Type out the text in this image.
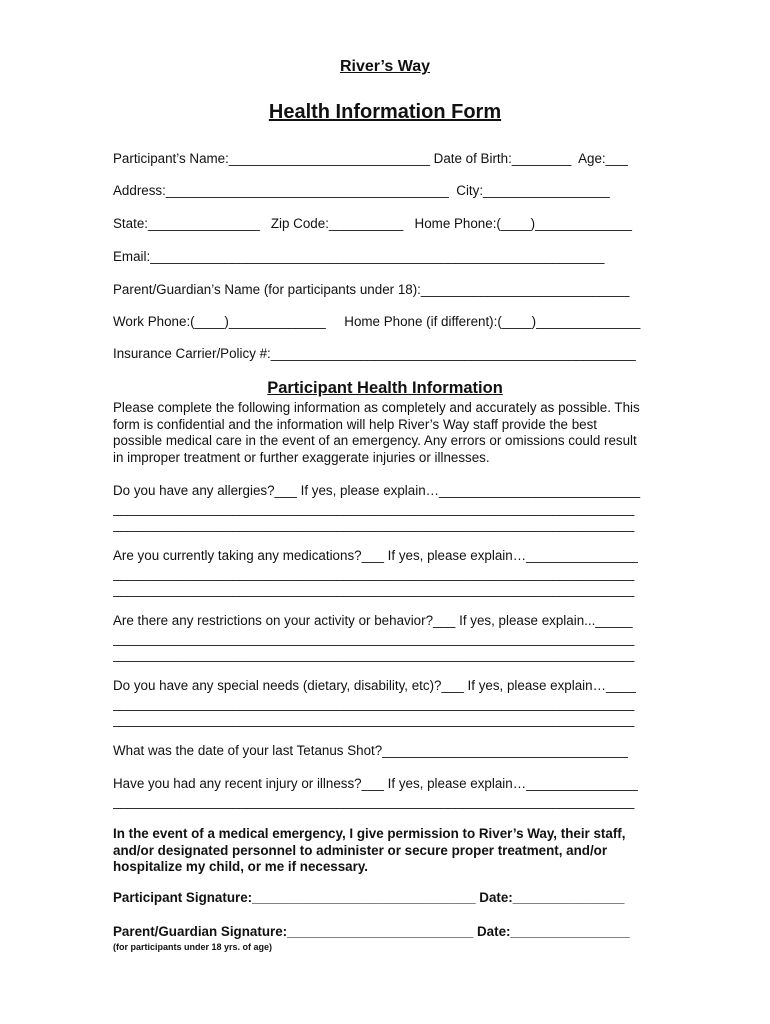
River’s Way
Health Information Form
Participant’s Name:___________________________ Date of Birth:________  Age:___
Address:______________________________________  City:_________________
State:_______________   Zip Code:__________   Home Phone:(____)_____________
Email:_____________________________________________________________
Parent/Guardian’s Name (for participants under 18):____________________________
Work Phone:(____)_____________     Home Phone (if different):(____)______________
Insurance Carrier/Policy #:_________________________________________________
Participant Health Information
Please complete the following information as completely and accurately as possible. This form is confidential and the information will help River’s Way staff provide the best possible medical care in the event of an emergency. Any errors or omissions could result in improper treatment or further exaggerate injuries or illnesses.
Do you have any allergies?___ If yes, please explain…___________________________
______________________________________________________________________
______________________________________________________________________
Are you currently taking any medications?___ If yes, please explain…_______________
______________________________________________________________________
______________________________________________________________________
Are there any restrictions on your activity or behavior?___ If yes, please explain..._____
______________________________________________________________________
______________________________________________________________________
Do you have any special needs (dietary, disability, etc)?___ If yes, please explain…____
______________________________________________________________________
______________________________________________________________________
What was the date of your last Tetanus Shot?_________________________________
Have you had any recent injury or illness?___ If yes, please explain…_______________
______________________________________________________________________
In the event of a medical emergency, I give permission to River’s Way, their staff, and/or designated personnel to administer or secure proper treatment, and/or hospitalize my child, or me if necessary.
Participant Signature:______________________________ Date:_______________
Parent/Guardian Signature:_________________________ Date:________________
(for participants under 18 yrs. of age)
